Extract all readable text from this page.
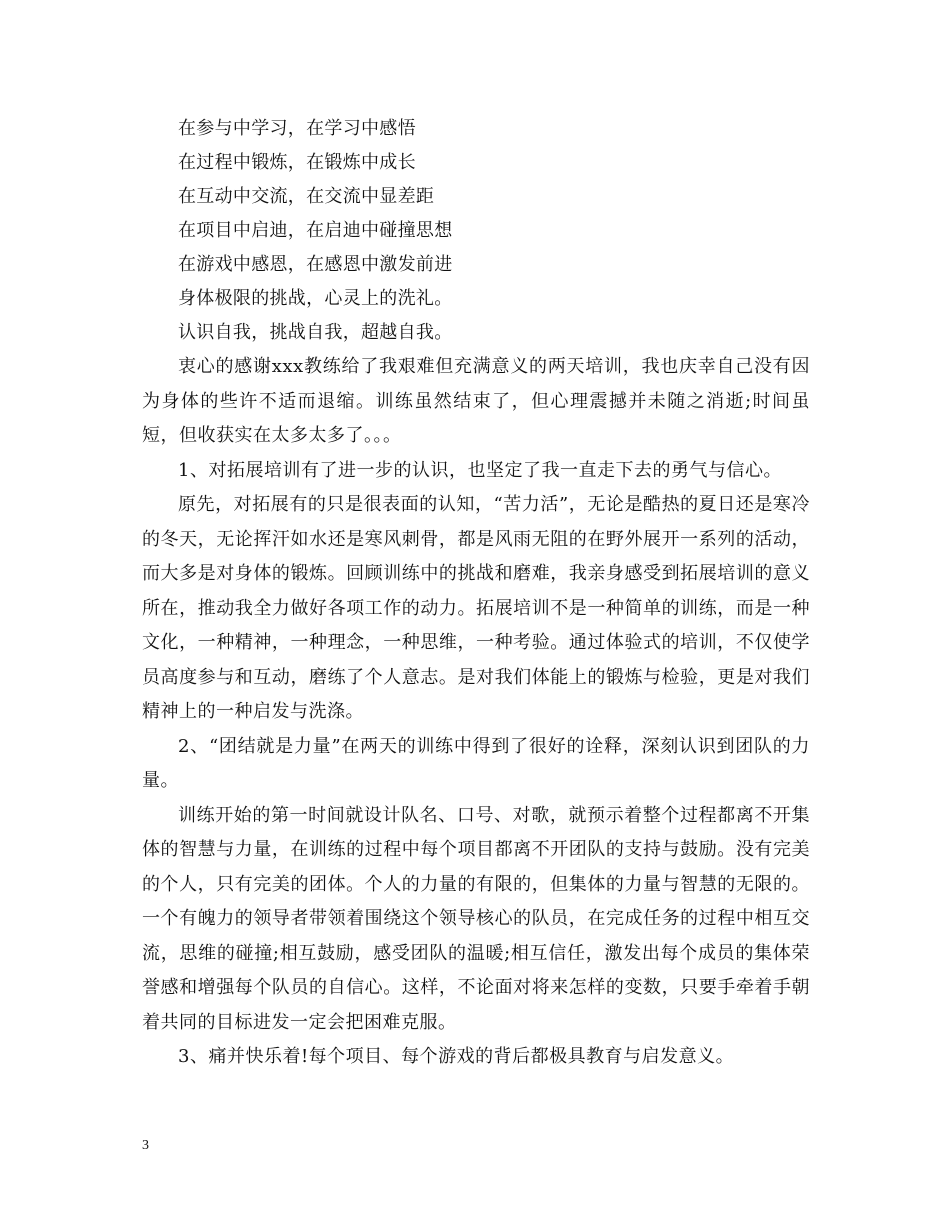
在参与中学习，在学习中感悟
在过程中锻炼，在锻炼中成长
在互动中交流，在交流中显差距
在项目中启迪，在启迪中碰撞思想
在游戏中感恩，在感恩中激发前进
身体极限的挑战，心灵上的洗礼。
认识自我，挑战自我，超越自我。

衷心的感谢xxx教练给了我艰难但充满意义的两天培训，我也庆幸自己没有因为身体的些许不适而退缩。训练虽然结束了，但心理震撼并未随之消逝;时间虽短，但收获实在太多太多了。。。

1、对拓展培训有了进一步的认识，也坚定了我一直走下去的勇气与信心。

原先，对拓展有的只是很表面的认知，“苦力活”，无论是酷热的夏日还是寒冷的冬天，无论挥汗如水还是寒风刺骨，都是风雨无阻的在野外展开一系列的活动，而大多是对身体的锻炼。回顾训练中的挑战和磨难，我亲身感受到拓展培训的意义所在，推动我全力做好各项工作的动力。拓展培训不是一种简单的训练，而是一种文化，一种精神，一种理念，一种思维，一种考验。通过体验式的培训，不仅使学员高度参与和互动，磨练了个人意志。是对我们体能上的锻炼与检验，更是对我们精神上的一种启发与洗涤。

2、“团结就是力量”在两天的训练中得到了很好的诠释，深刻认识到团队的力量。

训练开始的第一时间就设计队名、口号、对歌，就预示着整个过程都离不开集体的智慧与力量，在训练的过程中每个项目都离不开团队的支持与鼓励。没有完美的个人，只有完美的团体。个人的力量的有限的，但集体的力量与智慧的无限的。一个有魄力的领导者带领着围绕这个领导核心的队员，在完成任务的过程中相互交流，思维的碰撞;相互鼓励，感受团队的温暖;相互信任，激发出每个成员的集体荣誉感和增强每个队员的自信心。这样，不论面对将来怎样的变数，只要手牵着手朝着共同的目标进发一定会把困难克服。

3、痛并快乐着!每个项目、每个游戏的背后都极具教育与启发意义。

3
